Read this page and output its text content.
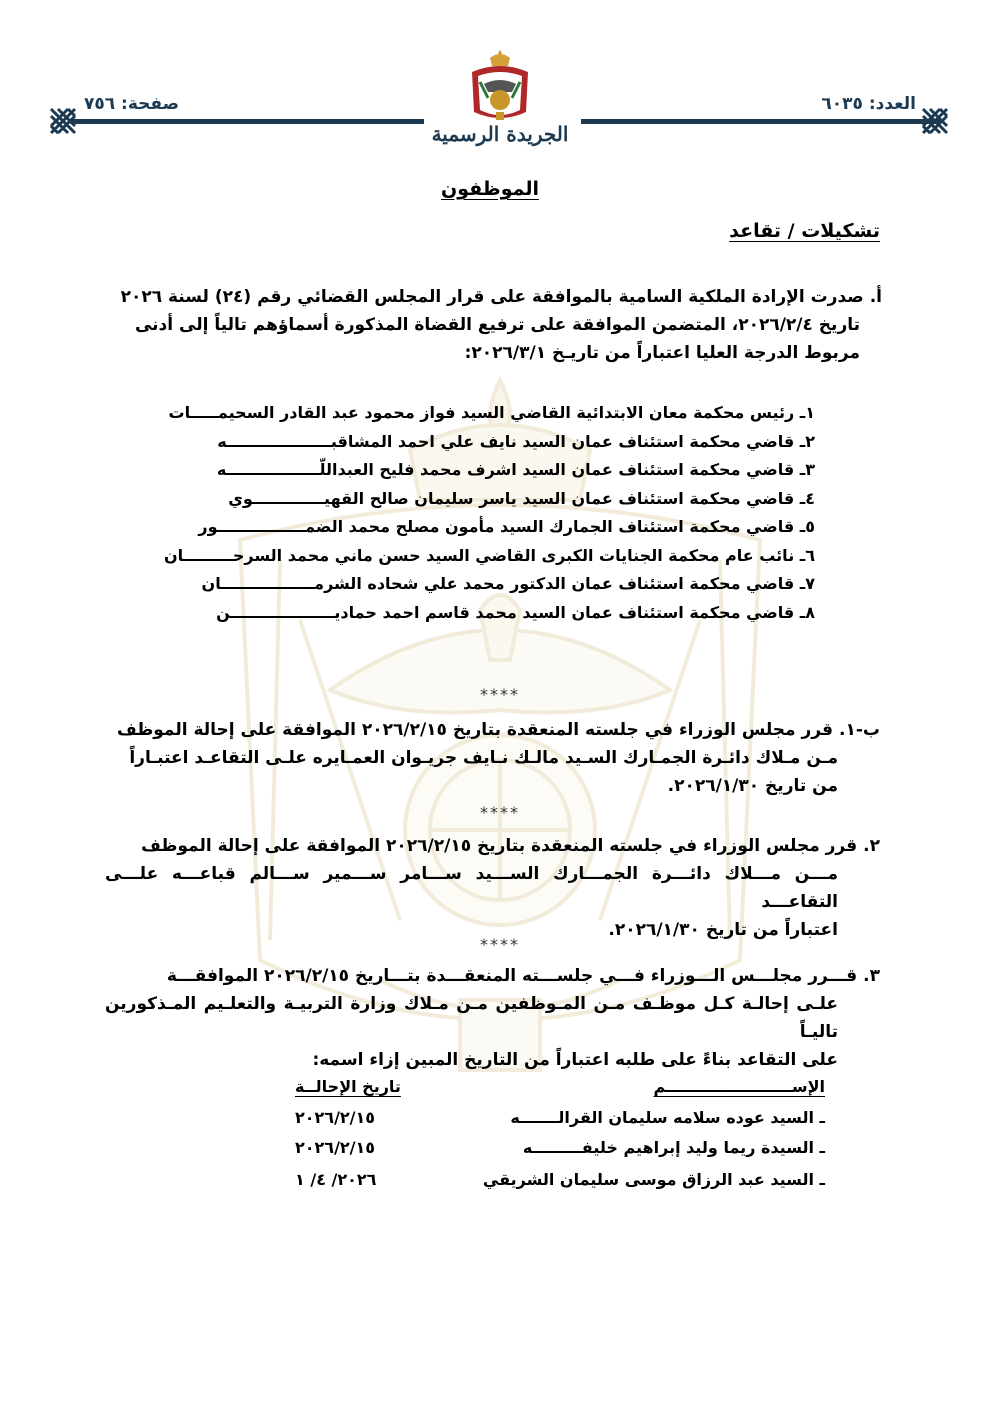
العدد: ٦٠٣٥
صفحة: ٧٥٦
الجريدة الرسمية
الموظفون
تشكيلات / تقاعد
أ.صدرت الإرادة الملكية السامية بالموافقة على قرار المجلس القضائي رقم (٢٤) لسنة ٢٠٢٦
تاريخ ٢٠٢٦/٢/٤، المتضمن الموافقة على ترفيع القضاة المذكورة أسماؤهم تالياً إلى أدنى
مربوط الدرجة العليا اعتباراً من تاريـخ ٢٠٢٦/٣/١:
١ـ رئيس محكمة معان الابتدائية القاضي السيد فواز محمود عبد القادر السحيمـــــات
٢ـ قاضي محكمة استئناف عمان السيد نايف علي احمد المشاقبـــــــــــــــــــه
٣ـ قاضي محكمة استئناف عمان السيد اشرف محمد فليح العبداللّـــــــــــــــــه
٤ـ قاضي محكمة استئناف عمان السيد ياسر سليمان صالح القهيـــــــــــــوي
٥ـ قاضي محكمة استئناف الجمارك السيد مأمون مصلح محمد الضمــــــــــــــــور
٦ـ نائب عام محكمة الجنايات الكبرى القاضي السيد حسن ماني محمد السرحـــــــــان
٧ـ قاضي محكمة استئناف عمان الدكتور محمد علي شحاده الشرمـــــــــــــــــان
٨ـ قاضي محكمة استئناف عمان السيد محمد قاسم احمد حماديـــــــــــــــــــن
****
ب-١.قرر مجلس الوزراء في جلسته المنعقدة بتاريخ ٢٠٢٦/٢/١٥ الموافقة على إحالة الموظف
مـن مـلاك دائـرة الجمـارك السـيد مالـك نـايف جريـوان العمـايره علـى التقاعـد اعتبـاراً
من تاريخ ٢٠٢٦/١/٣٠.
****
٢.قرر مجلس الوزراء في جلسته المنعقدة بتاريخ ٢٠٢٦/٢/١٥ الموافقة على إحالة الموظف
مـــن مـــلاك دائـــرة الجمـــارك الســـيد ســـامر ســـمير ســـالم قباعـــه علـــى التقاعـــد
اعتباراً من تاريخ ٢٠٢٦/١/٣٠.
****
٣.قـــرر مجلـــس الـــوزراء فـــي جلســـته المنعقـــدة بتـــاريخ ٢٠٢٦/٢/١٥ الموافقـــة
علـى إحالـة كـل موظـف مـن المـوظفين مـن مـلاك وزارة التربيـة والتعلـيم المـذكورين تاليـاً
على التقاعد بناءً على طلبه اعتباراً من التاريخ المبين إزاء اسمه:
الإســـــــــــــــــــــــم
تاريخ الإحالــة
ـ السيد عوده سلامه سليمان القرالـــــــه
٢٠٢٦/٢/١٥
ـ السيدة ريما وليد إبراهيم خليفـــــــــه
٢٠٢٦/٢/١٥
ـ السيد عبد الرزاق موسى سليمان الشريقي
٢٠٢٦/ ٤/ ١
